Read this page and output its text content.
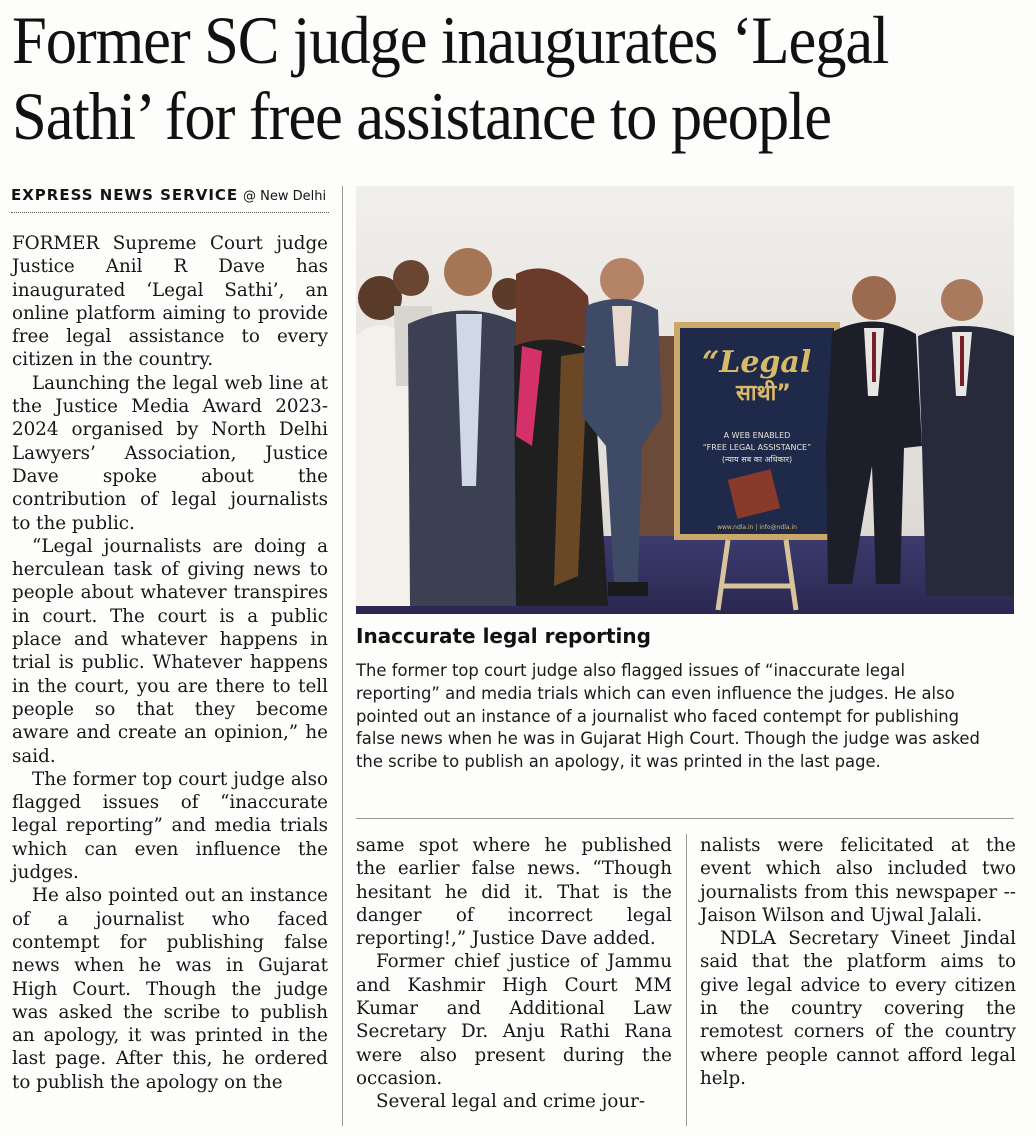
Former SC judge inaugurates ‘Legal
Sathi’ for free assistance to people
EXPRESS NEWS SERVICE @ New Delhi

FORMER Supreme Court judge Justice Anil R Dave has inaugurated ‘Legal Sathi’, an online platform aiming to provide free legal assistance to every citizen in the country.

Launching the legal web line at the Justice Media Award 2023-2024 organised by North Delhi Lawyers’ Association, Justice Dave spoke about the contribution of legal journalists to the public.

“Legal journalists are doing a herculean task of giving news to people about whatever transpires in court. The court is a public place and whatever happens in trial is public. Whatever happens in the court, you are there to tell people so that they become aware and create an opinion,” he said.

The former top court judge also flagged issues of “inaccurate legal reporting” and media trials which can even influence the judges.

He also pointed out an instance of a journalist who faced contempt for publishing false news when he was in Gujarat High Court. Though the judge was asked the scribe to publish an apology, it was printed in the last page. After this, he ordered to publish the apology on the

“Legal
साथी”
A WEB ENABLED
“FREE LEGAL ASSISTANCE”
(न्याय सब का अधिकार)
www.ndla.in | info@ndla.in
Inaccurate legal reporting
The former top court judge also flagged issues of “inaccurate legal reporting” and media trials which can even influence the judges. He also pointed out an instance of a journalist who faced contempt for publishing false news when he was in Gujarat High Court. Though the judge was asked the scribe to publish an apology, it was printed in the last page.

same spot where he published the earlier false news. “Though hesitant he did it. That is the danger of incorrect legal reporting!,” Justice Dave added.

Former chief justice of Jammu and Kashmir High Court MM Kumar and Additional Law Secretary Dr. Anju Rathi Rana were also present during the occasion.

Several legal and crime jour-

nalists were felicitated at the event which also included two journalists from this newspaper -- Jaison Wilson and Ujwal Jalali.

NDLA Secretary Vineet Jindal said that the platform aims to give legal advice to every citizen in the country covering the remotest corners of the country where people cannot afford legal help.
